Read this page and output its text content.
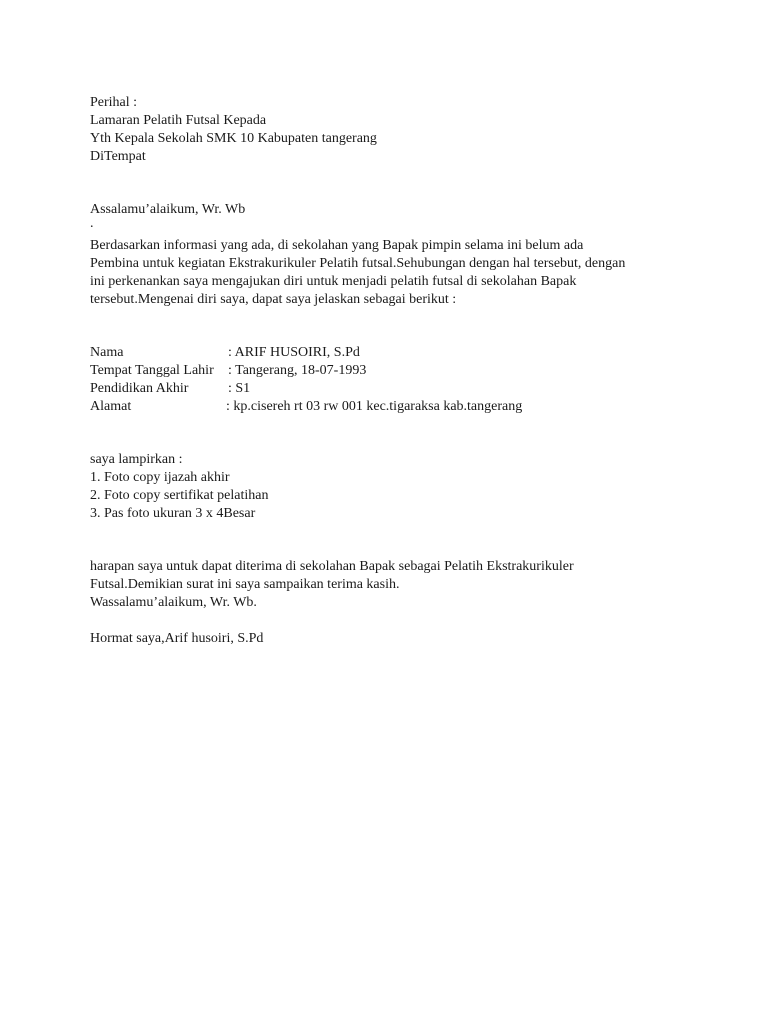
Perihal :
Lamaran Pelatih Futsal Kepada
Yth Kepala Sekolah SMK 10 Kabupaten tangerang
DiTempat
Assalamu’alaikum, Wr. Wb
.
Berdasarkan informasi yang ada, di sekolahan yang Bapak pimpin selama ini belum ada
Pembina untuk kegiatan Ekstrakurikuler Pelatih futsal.Sehubungan dengan hal tersebut, dengan
ini perkenankan saya mengajukan diri untuk menjadi pelatih futsal di sekolahan Bapak
tersebut.Mengenai diri saya, dapat saya jelaskan sebagai berikut :
Nama	: ARIF HUSOIRI, S.Pd
Tempat Tanggal Lahir : Tangerang, 18-07-1993
Pendidikan Akhir	: S1
Alamat	: kp.cisereh rt 03 rw 001 kec.tigaraksa kab.tangerang
saya lampirkan :
1. Foto copy ijazah akhir
2. Foto copy sertifikat pelatihan
3. Pas foto ukuran 3 x 4Besar
harapan saya untuk dapat diterima di sekolahan Bapak sebagai Pelatih Ekstrakurikuler
Futsal.Demikian surat ini saya sampaikan terima kasih.
Wassalamu’alaikum, Wr. Wb.
Hormat saya,Arif husoiri, S.Pd
